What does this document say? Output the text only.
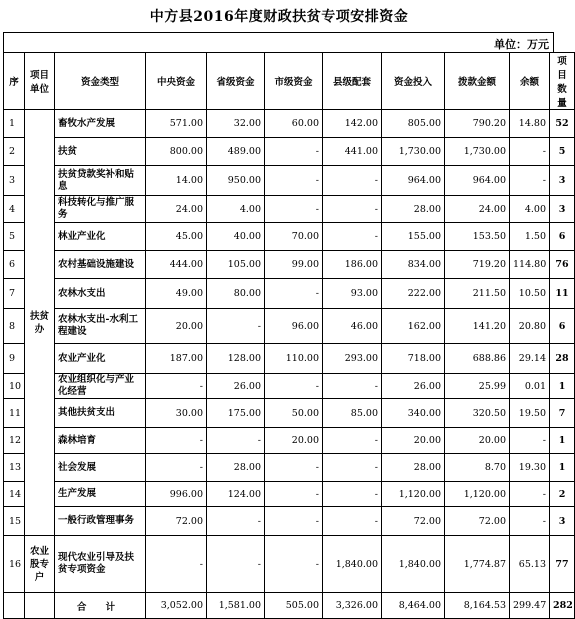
中方县2016年度财政扶贫专项安排资金
单位：万元
序	项目单位	资金类型	中央资金	省级资金	市级资金	县级配套	资金投入	拨款金额	余额	项目数量
1	扶贫办	畜牧水产发展	571.00	32.00	60.00	142.00	805.00	790.20	14.80	52
2		扶贫	800.00	489.00	-	441.00	1,730.00	1,730.00	-	5
3		扶贫贷款奖补和贴息	14.00	950.00	-	-	964.00	964.00	-	3
4		科技转化与推广服务	24.00	4.00	-	-	28.00	24.00	4.00	3
5		林业产业化	45.00	40.00	70.00	-	155.00	153.50	1.50	6
6		农村基础设施建设	444.00	105.00	99.00	186.00	834.00	719.20	114.80	76
7		农林水支出	49.00	80.00	-	93.00	222.00	211.50	10.50	11
8		农林水支出-水利工程建设	20.00	-	96.00	46.00	162.00	141.20	20.80	6
9		农业产业化	187.00	128.00	110.00	293.00	718.00	688.86	29.14	28
10		农业组织化与产业化经营	-	26.00	-	-	26.00	25.99	0.01	1
11		其他扶贫支出	30.00	175.00	50.00	85.00	340.00	320.50	19.50	7
12		森林培育	-	-	20.00	-	20.00	20.00	-	1
13		社会发展	-	28.00	-	-	28.00	8.70	19.30	1
14		生产发展	996.00	124.00	-	-	1,120.00	1,120.00	-	2
15		一般行政管理事务	72.00	-	-	-	72.00	72.00	-	3
16	农业股专户	现代农业引导及扶贫专项资金	-	-	-	1,840.00	1,840.00	1,774.87	65.13	77
		合 计	3,052.00	1,581.00	505.00	3,326.00	8,464.00	8,164.53	299.47	282
